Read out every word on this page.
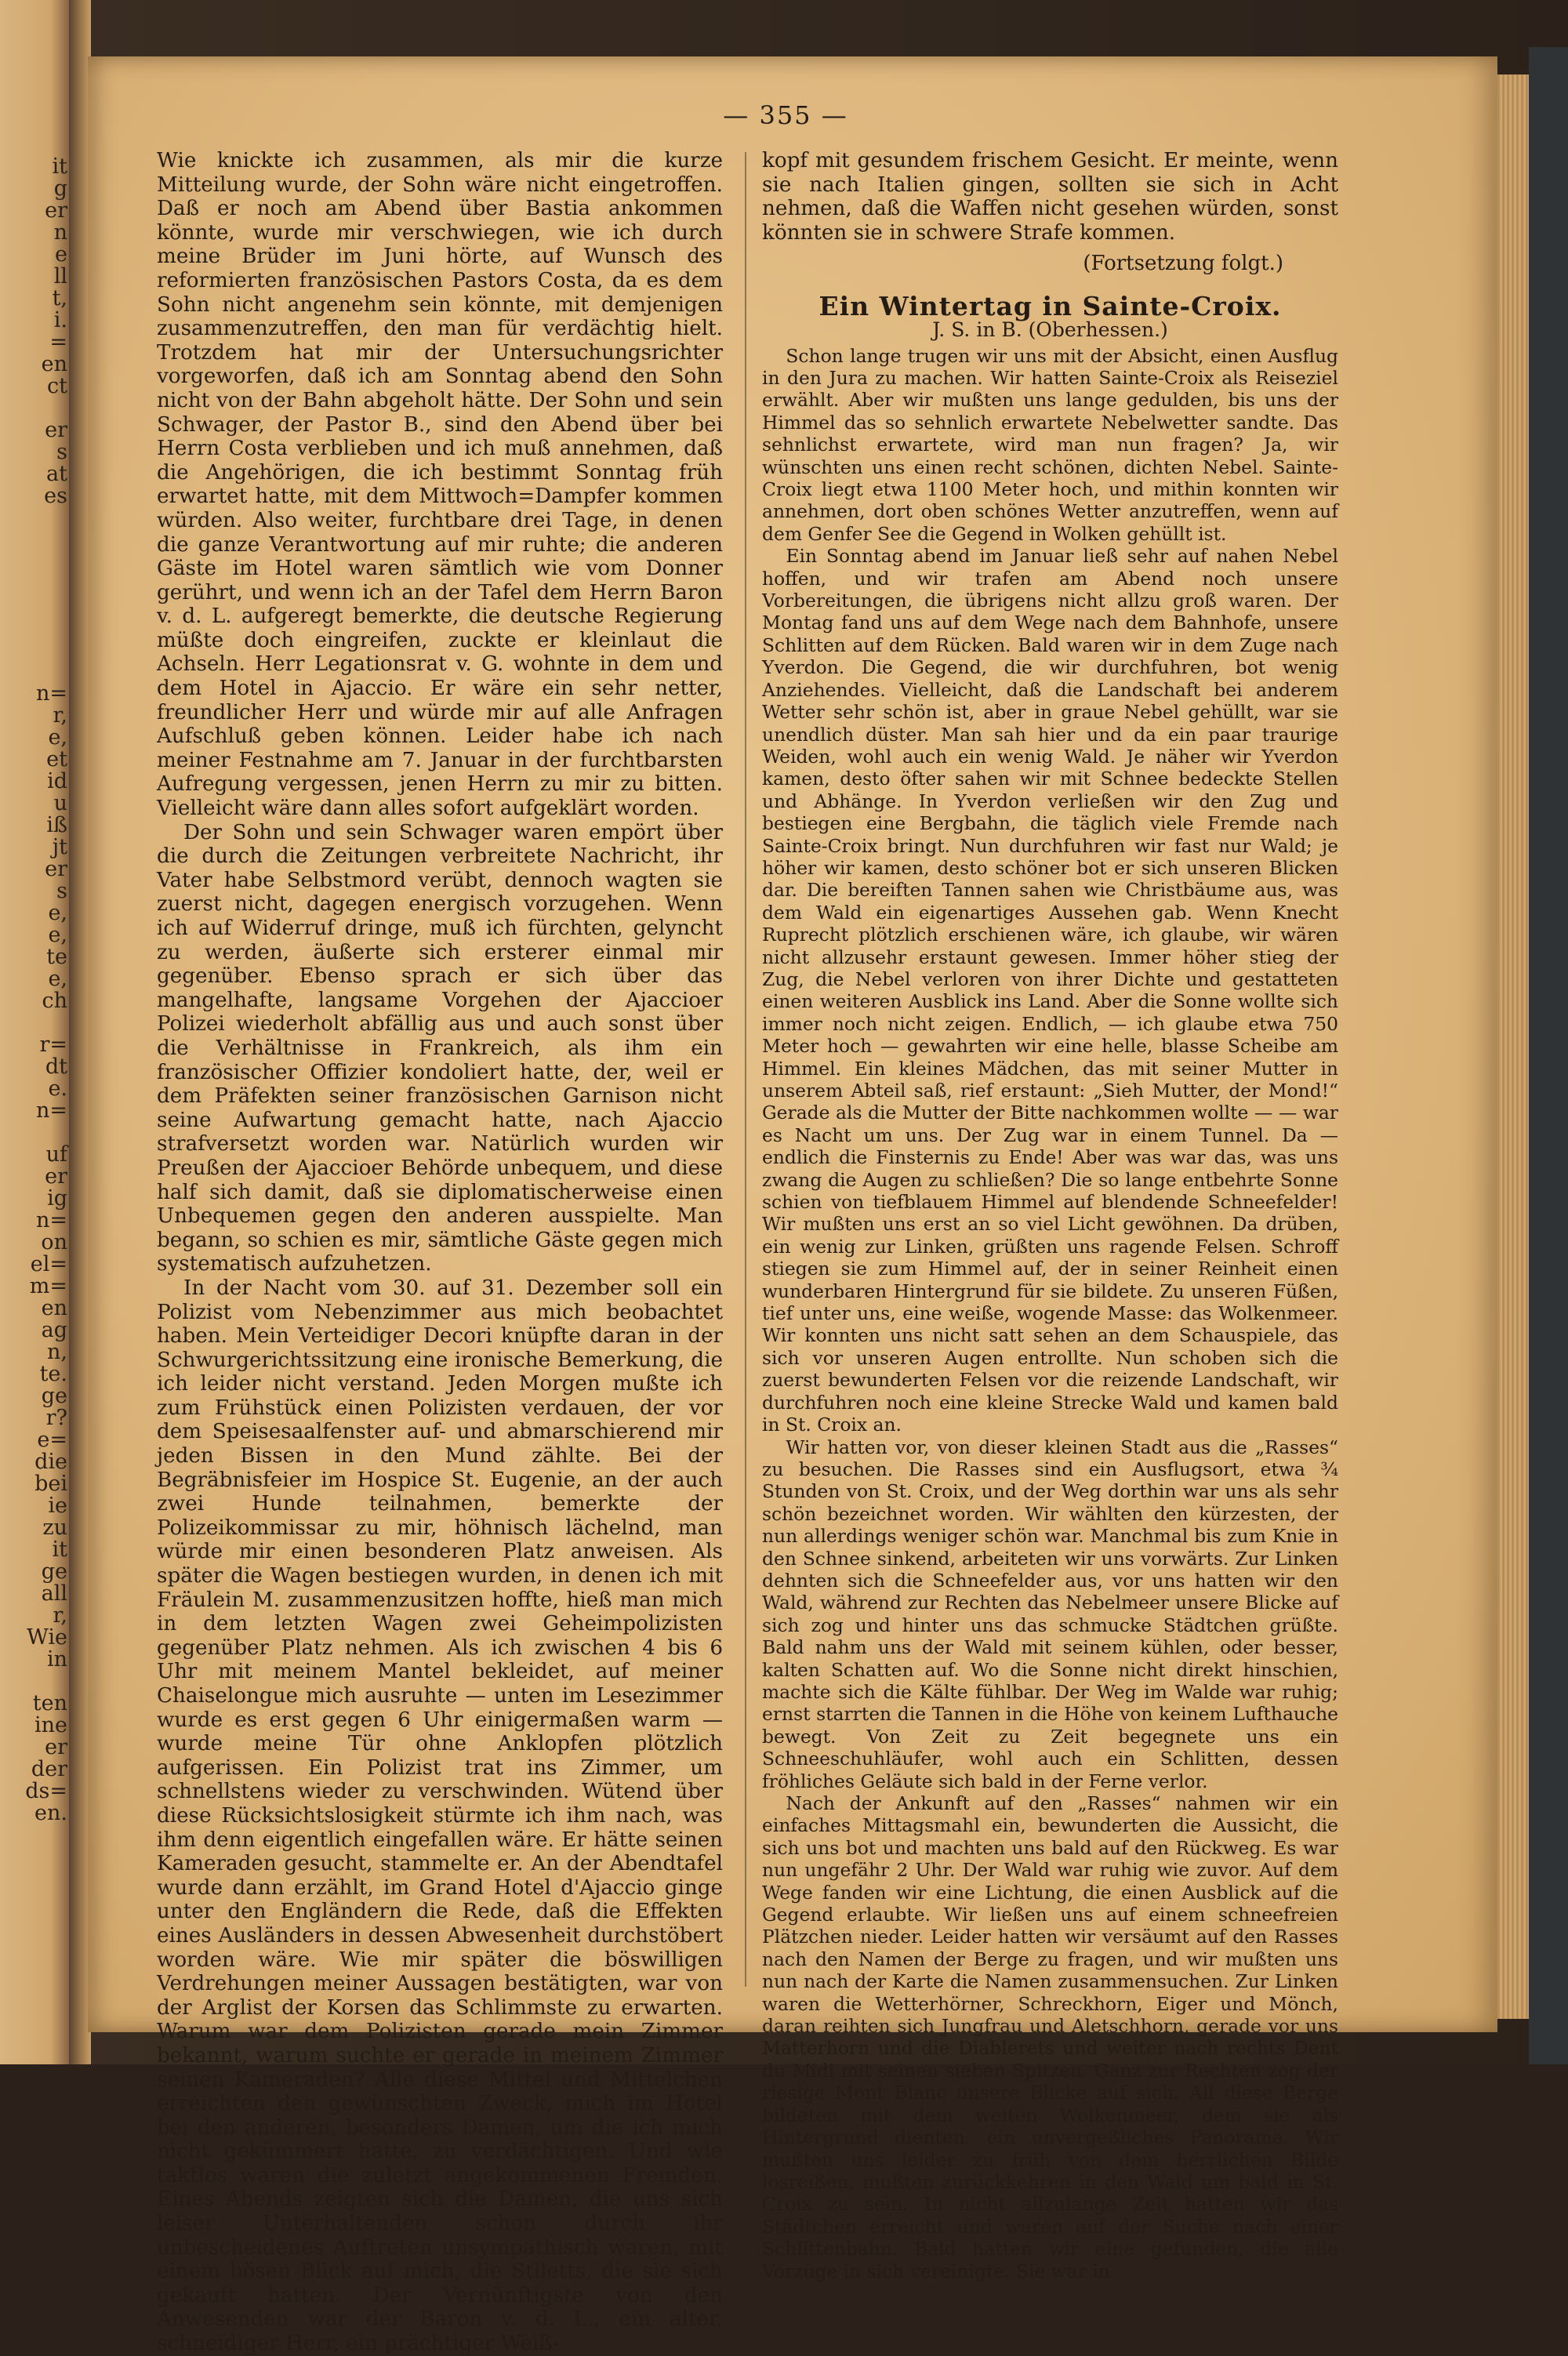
it
g
er
n
e
ll
t,
i.
=
en
ct
er
s
at
es
n=
r,
e,
et
id
u
iß
jt
er
s
e,
e,
te
e,
ch
r=
dt
e.
n=
uf
er
ig
n=
on
el=
m=
en
ag
n,
te.
ge
r?
e=
die
bei
ie
zu
it
ge
all
r,
Wie
in
ten
ine
er
der
ds=
en.
— 355 —

Wie knickte ich zusammen, als mir die kurze Mitteilung wurde, der Sohn wäre nicht eingetroffen. Daß er noch am Abend über Bastia ankommen könnte, wurde mir verschwiegen, wie ich durch meine Brüder im Juni hörte, auf Wunsch des reformierten französischen Pastors Costa, da es dem Sohn nicht angenehm sein könnte, mit demjenigen zusammenzutreffen, den man für verdächtig hielt. Trotzdem hat mir der Untersuchungsrichter vorgeworfen, daß ich am Sonntag abend den Sohn nicht von der Bahn abgeholt hätte. Der Sohn und sein Schwager, der Pastor B., sind den Abend über bei Herrn Costa verblieben und ich muß annehmen, daß die Angehörigen, die ich bestimmt Sonntag früh erwartet hatte, mit dem Mittwoch=Dampfer kommen würden. Also weiter, furchtbare drei Tage, in denen die ganze Verantwortung auf mir ruhte; die anderen Gäste im Hotel waren sämtlich wie vom Donner gerührt, und wenn ich an der Tafel dem Herrn Baron v. d. L. aufgeregt bemerkte, die deutsche Regierung müßte doch eingreifen, zuckte er kleinlaut die Achseln. Herr Legationsrat v. G. wohnte in dem und dem Hotel in Ajaccio. Er wäre ein sehr netter, freundlicher Herr und würde mir auf alle Anfragen Aufschluß geben können. Leider habe ich nach meiner Festnahme am 7. Januar in der furchtbarsten Aufregung vergessen, jenen Herrn zu mir zu bitten. Vielleicht wäre dann alles sofort aufgeklärt worden.

Der Sohn und sein Schwager waren empört über die durch die Zeitungen verbreitete Nachricht, ihr Vater habe Selbstmord verübt, dennoch wagten sie zuerst nicht, dagegen energisch vorzugehen. Wenn ich auf Widerruf dringe, muß ich fürchten, gelyncht zu werden, äußerte sich ersterer einmal mir gegenüber. Ebenso sprach er sich über das mangelhafte, langsame Vorgehen der Ajaccioer Polizei wiederholt abfällig aus und auch sonst über die Verhältnisse in Frankreich, als ihm ein französischer Offizier kondoliert hatte, der, weil er dem Präfekten seiner französischen Garnison nicht seine Aufwartung gemacht hatte, nach Ajaccio strafversetzt worden war. Natürlich wurden wir Preußen der Ajaccioer Behörde unbequem, und diese half sich damit, daß sie diplomatischerweise einen Unbequemen gegen den anderen ausspielte. Man begann, so schien es mir, sämtliche Gäste gegen mich systematisch aufzuhetzen.

In der Nacht vom 30. auf 31. Dezember soll ein Polizist vom Nebenzimmer aus mich beobachtet haben. Mein Verteidiger Decori knüpfte daran in der Schwurgerichtssitzung eine ironische Bemerkung, die ich leider nicht verstand. Jeden Morgen mußte ich zum Frühstück einen Polizisten verdauen, der vor dem Speisesaalfenster auf- und abmarschierend mir jeden Bissen in den Mund zählte. Bei der Begräbnisfeier im Hospice St. Eugenie, an der auch zwei Hunde teilnahmen, bemerkte der Polizeikommissar zu mir, höhnisch lächelnd, man würde mir einen besonderen Platz anweisen. Als später die Wagen bestiegen wurden, in denen ich mit Fräulein M. zusammenzusitzen hoffte, hieß man mich in dem letzten Wagen zwei Geheimpolizisten gegenüber Platz nehmen. Als ich zwischen 4 bis 6 Uhr mit meinem Mantel bekleidet, auf meiner Chaiselongue mich ausruhte — unten im Lesezimmer wurde es erst gegen 6 Uhr einigermaßen warm — wurde meine Tür ohne Anklopfen plötzlich aufgerissen. Ein Polizist trat ins Zimmer, um schnellstens wieder zu verschwinden. Wütend über diese Rücksichtslosigkeit stürmte ich ihm nach, was ihm denn eigentlich eingefallen wäre. Er hätte seinen Kameraden gesucht, stammelte er. An der Abendtafel wurde dann erzählt, im Grand Hotel d'Ajaccio ginge unter den Engländern die Rede, daß die Effekten eines Ausländers in dessen Abwesenheit durchstöbert worden wäre. Wie mir später die böswilligen Verdrehungen meiner Aussagen bestätigten, war von der Arglist der Korsen das Schlimmste zu erwarten. Warum war dem Polizisten gerade mein Zimmer bekannt, warum suchte er gerade in meinem Zimmer seinen Kameraden? Alle diese Mittel und Mittelchen erreichten den gewünschten Zweck, mich im Hotel bei den anderen, besonders Damen, um die ich mich nicht gekümmert hatte, zu verdächtigen. Und wie taktlos waren die zuletzt angekommenen Fremden. Eines Abends zeigten sich die Damen, die uns sich leiser Unterhaltenden schon durch ihr unbescheidenes Auftreten unsympathisch waren, mit einem bösen Blick auf mich, die Stiletts, die sie sich gekauft hatten. Der Vernünftigste von den Anwesenden war der Baron v. d. L., ein alter, schneidiger Herr, ein prächtiger Weiß-

kopf mit gesundem frischem Gesicht. Er meinte, wenn sie nach Italien gingen, sollten sie sich in Acht nehmen, daß die Waffen nicht gesehen würden, sonst könnten sie in schwere Strafe kommen.

(Fortsetzung folgt.)
Ein Wintertag in Sainte-Croix.
J. S. in B. (Oberhessen.)

Schon lange trugen wir uns mit der Absicht, einen Ausflug in den Jura zu machen. Wir hatten Sainte-Croix als Reiseziel erwählt. Aber wir mußten uns lange gedulden, bis uns der Himmel das so sehnlich erwartete Nebelwetter sandte. Das sehnlichst erwartete, wird man nun fragen? Ja, wir wünschten uns einen recht schönen, dichten Nebel. Sainte-Croix liegt etwa 1100 Meter hoch, und mithin konnten wir annehmen, dort oben schönes Wetter anzutreffen, wenn auf dem Genfer See die Gegend in Wolken gehüllt ist.

Ein Sonntag abend im Januar ließ sehr auf nahen Nebel hoffen, und wir trafen am Abend noch unsere Vorbereitungen, die übrigens nicht allzu groß waren. Der Montag fand uns auf dem Wege nach dem Bahnhofe, unsere Schlitten auf dem Rücken. Bald waren wir in dem Zuge nach Yverdon. Die Gegend, die wir durchfuhren, bot wenig Anziehendes. Vielleicht, daß die Landschaft bei anderem Wetter sehr schön ist, aber in graue Nebel gehüllt, war sie unendlich düster. Man sah hier und da ein paar traurige Weiden, wohl auch ein wenig Wald. Je näher wir Yverdon kamen, desto öfter sahen wir mit Schnee bedeckte Stellen und Abhänge. In Yverdon verließen wir den Zug und bestiegen eine Bergbahn, die täglich viele Fremde nach Sainte-Croix bringt. Nun durchfuhren wir fast nur Wald; je höher wir kamen, desto schöner bot er sich unseren Blicken dar. Die bereiften Tannen sahen wie Christbäume aus, was dem Wald ein eigenartiges Aussehen gab. Wenn Knecht Ruprecht plötzlich erschienen wäre, ich glaube, wir wären nicht allzusehr erstaunt gewesen. Immer höher stieg der Zug, die Nebel verloren von ihrer Dichte und gestatteten einen weiteren Ausblick ins Land. Aber die Sonne wollte sich immer noch nicht zeigen. Endlich, — ich glaube etwa 750 Meter hoch — gewahrten wir eine helle, blasse Scheibe am Himmel. Ein kleines Mädchen, das mit seiner Mutter in unserem Abteil saß, rief erstaunt: „Sieh Mutter, der Mond!“ Gerade als die Mutter der Bitte nachkommen wollte — — war es Nacht um uns. Der Zug war in einem Tunnel. Da — endlich die Finsternis zu Ende! Aber was war das, was uns zwang die Augen zu schließen? Die so lange entbehrte Sonne schien von tiefblauem Himmel auf blendende Schneefelder! Wir mußten uns erst an so viel Licht gewöhnen. Da drüben, ein wenig zur Linken, grüßten uns ragende Felsen. Schroff stiegen sie zum Himmel auf, der in seiner Reinheit einen wunderbaren Hintergrund für sie bildete. Zu unseren Füßen, tief unter uns, eine weiße, wogende Masse: das Wolkenmeer. Wir konnten uns nicht satt sehen an dem Schauspiele, das sich vor unseren Augen entrollte. Nun schoben sich die zuerst bewunderten Felsen vor die reizende Landschaft, wir durchfuhren noch eine kleine Strecke Wald und kamen bald in St. Croix an.

Wir hatten vor, von dieser kleinen Stadt aus die „Rasses“ zu besuchen. Die Rasses sind ein Ausflugsort, etwa ¾ Stunden von St. Croix, und der Weg dorthin war uns als sehr schön bezeichnet worden. Wir wählten den kürzesten, der nun allerdings weniger schön war. Manchmal bis zum Knie in den Schnee sinkend, arbeiteten wir uns vorwärts. Zur Linken dehnten sich die Schneefelder aus, vor uns hatten wir den Wald, während zur Rechten das Nebelmeer unsere Blicke auf sich zog und hinter uns das schmucke Städtchen grüßte. Bald nahm uns der Wald mit seinem kühlen, oder besser, kalten Schatten auf. Wo die Sonne nicht direkt hinschien, machte sich die Kälte fühlbar. Der Weg im Walde war ruhig; ernst starrten die Tannen in die Höhe von keinem Lufthauche bewegt. Von Zeit zu Zeit begegnete uns ein Schneeschuhläufer, wohl auch ein Schlitten, dessen fröhliches Geläute sich bald in der Ferne verlor.

Nach der Ankunft auf den „Rasses“ nahmen wir ein einfaches Mittagsmahl ein, bewunderten die Aussicht, die sich uns bot und machten uns bald auf den Rückweg. Es war nun ungefähr 2 Uhr. Der Wald war ruhig wie zuvor. Auf dem Wege fanden wir eine Lichtung, die einen Ausblick auf die Gegend erlaubte. Wir ließen uns auf einem schneefreien Plätzchen nieder. Leider hatten wir versäumt auf den Rasses nach den Namen der Berge zu fragen, und wir mußten uns nun nach der Karte die Namen zusammensuchen. Zur Linken waren die Wetterhörner, Schreckhorn, Eiger und Mönch, daran reihten sich Jungfrau und Aletschhorn, gerade vor uns Matterhorn und die Diablerets und weiter nach rechts Dent du Midi mit seinen sieben Spitzen. Ganz zur Rechten zog der riesige Mont Blanc unsere Blicke auf sich. All diese Berge bildeten mit dem weiten Wolkenmeer, dem sie als Hintergrund dienten, ein unvergeßliches Panorama. Wir mußten uns leider zu früh von dem herrlichen Bilde losreißen, mußten zurückkehren in den Wald um bald in St. Croix zu sein. In nicht allzulange Zeit hatten wir das Städtchen erreicht und waren auf der Suche nach einer Schlittenbahn. Bald hatten wir eine gefunden, die alle Vorzüge in sich vereinigte. Sie war in
